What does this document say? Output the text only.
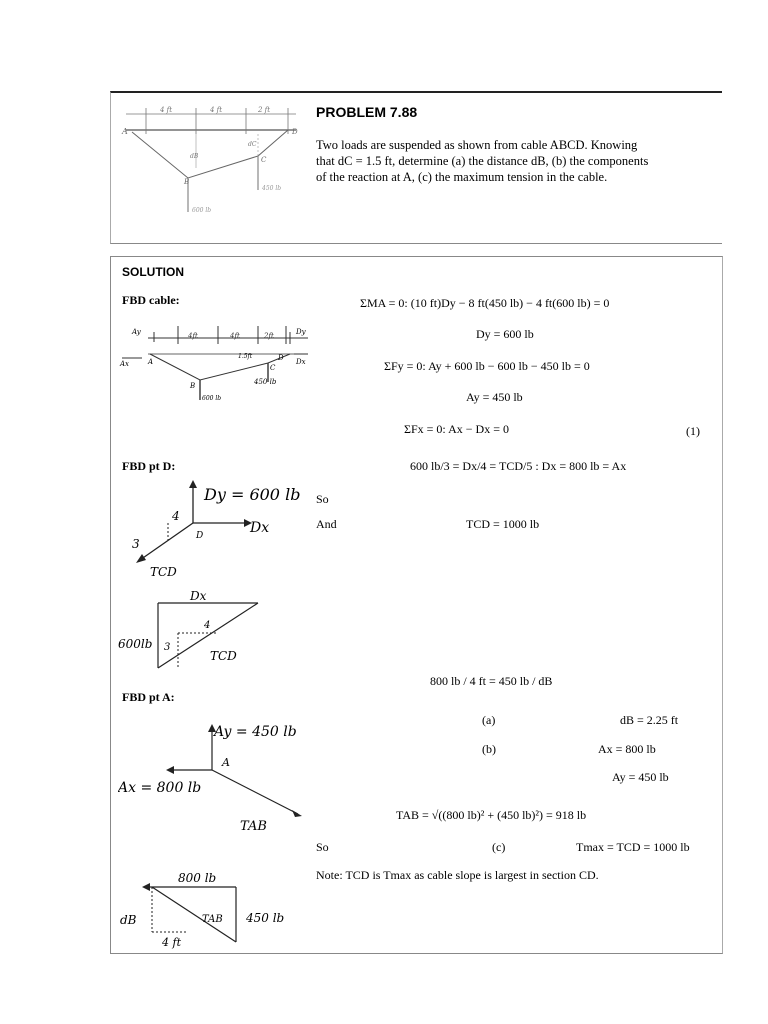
4 ft	4 ft	2 ft
A
B
C
D
dB
dC
600 lb
450 lb
PROBLEM 7.88
Two loads are suspended as shown from cable ABCD. Knowing
that dC = 1.5 ft, determine (a) the distance dB, (b) the components
of the reaction at A, (c) the maximum tension in the cable.
SOLUTION
FBD cable:
FBD pt D:
FBD pt A:
4ft	4ft	2ft
Ay
Ax
Dy
Dx
A
B
C
D
1.5ft
600 lb
450 lb
Dy = 600 lb
Dx
D
TCD
4
3
Dx
600lb 3
4
TCD
Ay = 450 lb
A
Ax = 800 lb
TAB
800 lb
450 lb
TAB
dB
4 ft
ΣMA = 0: (10 ft)Dy − 8 ft(450 lb) − 4 ft(600 lb) = 0
Dy = 600 lb
ΣFy = 0: Ay + 600 lb − 600 lb − 450 lb = 0
Ay = 450 lb
ΣFx = 0: Ax − Dx = 0	(1)
600 lb/3 = Dx/4 = TCD/5 : Dx = 800 lb = Ax
So
And	TCD = 1000 lb
800 lb / 4 ft = 450 lb / dB
(a)	dB = 2.25 ft
(b)	Ax = 800 lb
Ay = 450 lb
TAB = √((800 lb)² + (450 lb)²) = 918 lb
So	(c)	Tmax = TCD = 1000 lb
Note: TCD is Tmax as cable slope is largest in section CD.
